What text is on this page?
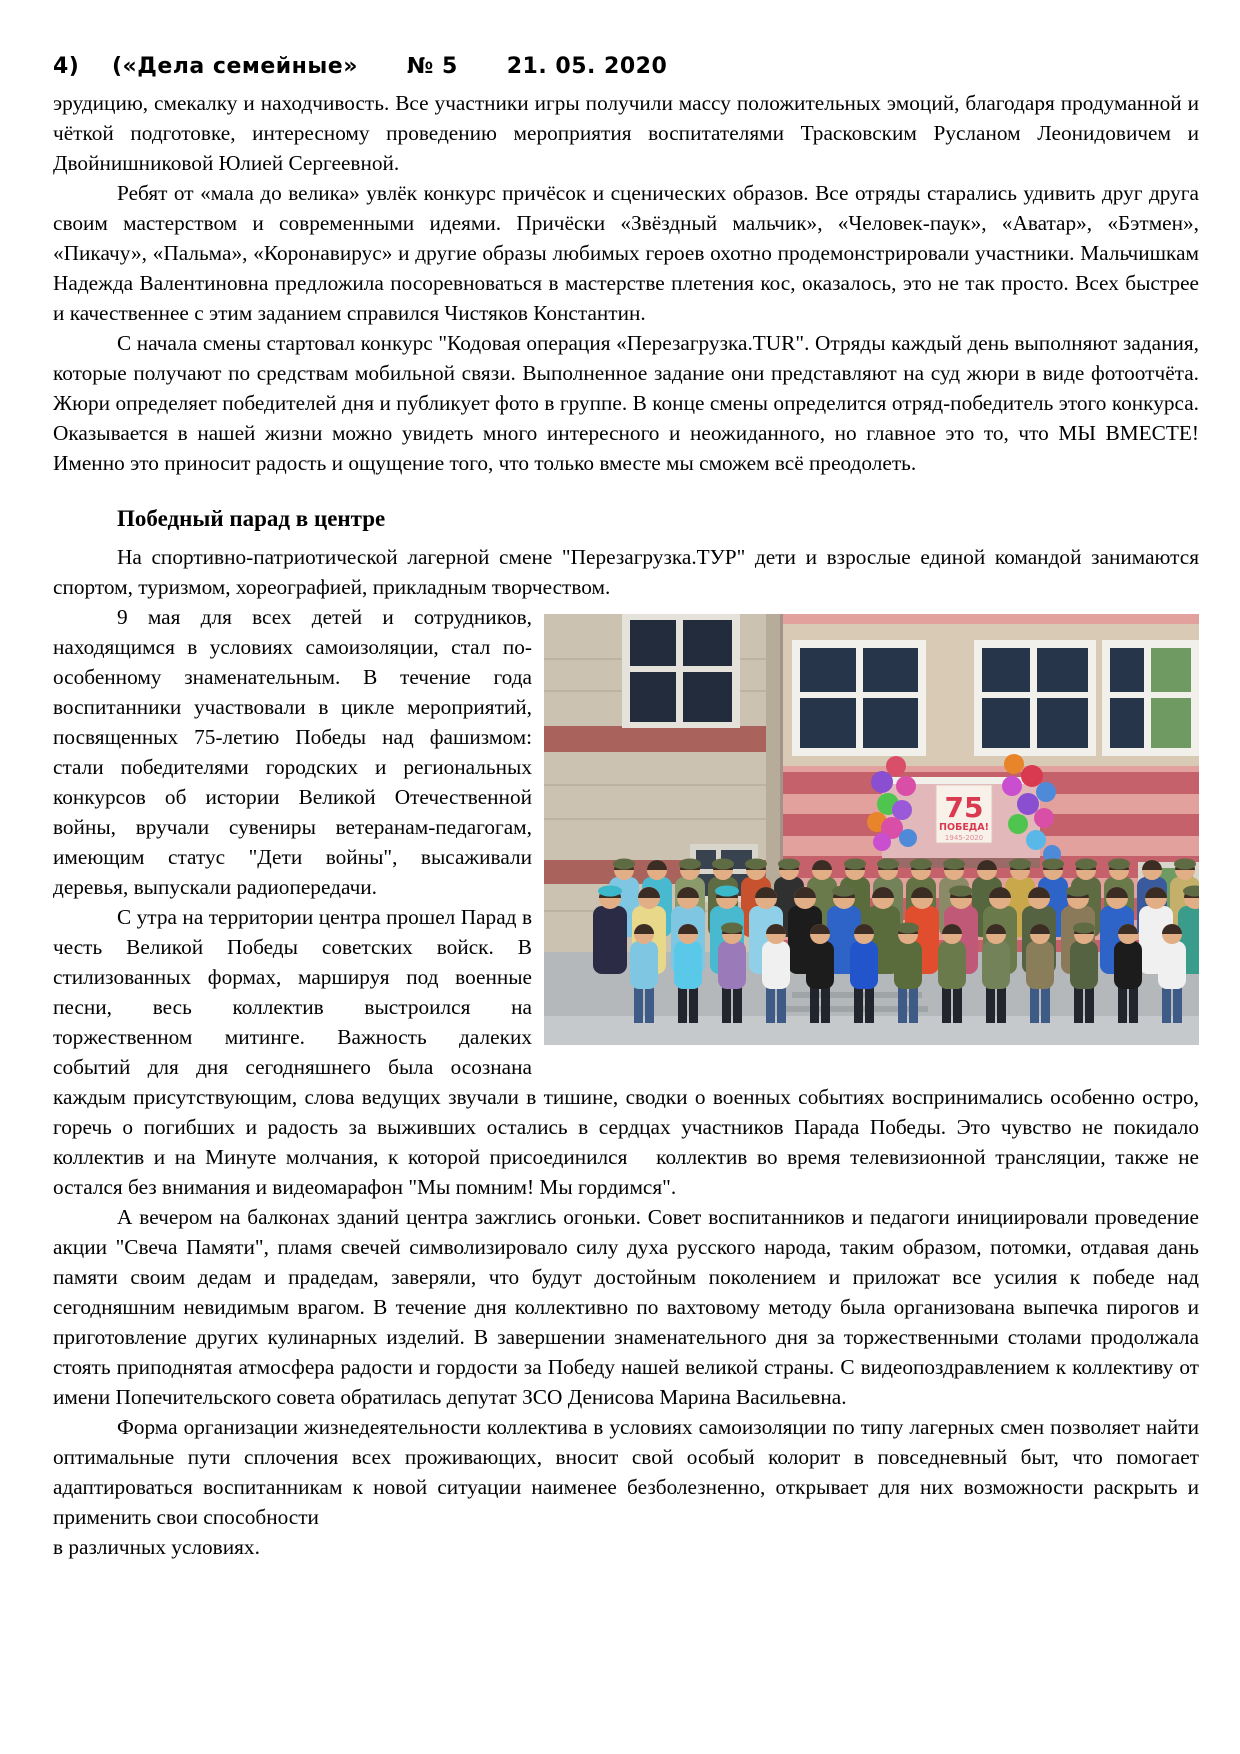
4)    («Дела семейные»      № 5      21. 05. 2020

эрудицию, смекалку и находчивость. Все участники игры получили массу положительных эмоций, благодаря продуманной и чёткой подготовке, интересному проведению мероприятия воспитателями Трасковским Русланом Леонидовичем и Двойнишниковой Юлией Сергеевной.

Ребят от «мала до велика» увлёк конкурс причёсок и сценических образов. Все отряды старались удивить друг друга своим мастерством и современными идеями. Причёски «Звёздный мальчик», «Человек-паук», «Аватар», «Бэтмен», «Пикачу», «Пальма», «Коронавирус» и другие образы любимых героев охотно продемонстрировали участники. Мальчишкам Надежда Валентиновна предложила посоревноваться в мастерстве плетения кос, оказалось, это не так просто. Всех быстрее и качественнее с этим заданием справился Чистяков Константин.

С начала смены стартовал конкурс "Кодовая операция «Перезагрузка.TUR". Отряды каждый день выполняют задания, которые получают по средствам мобильной связи. Выполненное задание они представляют на суд жюри в виде фотоотчёта. Жюри определяет победителей дня и публикует фото в группе. В конце смены определится отряд-победитель этого конкурса. Оказывается в нашей жизни можно увидеть много интересного и неожиданного, но главное это то, что МЫ ВМЕСТЕ! Именно это приносит радость и ощущение того, что только вместе мы сможем всё преодолеть.

Победный парад в центре

На спортивно-патриотической лагерной смене "Перезагрузка.ТУР" дети и взрослые единой командой занимаются спортом, туризмом, хореографией, прикладным творчеством.

75
ПОБЕДА!
1945-2020

9 мая для всех детей и сотрудников, находящимся в условиях самоизоляции, стал по-особенному знаменательным. В течение года воспитанники участвовали в цикле мероприятий, посвященных 75-летию Победы над фашизмом: стали победителями городских и региональных конкурсов об истории Великой Отечественной войны, вручали сувениры ветеранам-педагогам, имеющим статус "Дети войны", высаживали деревья, выпускали радиопередачи.

С утра на территории центра прошел Парад в честь Великой Победы советских войск. В стилизованных формах, маршируя под военные песни, весь коллектив выстроился на торжественном митинге. Важность далеких событий для дня сегодняшнего была осознана каждым присутствующим, слова ведущих звучали в тишине, сводки о военных событиях воспринимались особенно остро, горечь о погибших и радость за выживших остались в сердцах участников Парада Победы. Это чувство не покидало коллектив и на Минуте молчания, к которой присоединился   коллектив во время телевизионной трансляции, также не остался без внимания и видеомарафон "Мы помним! Мы гордимся".

А вечером на балконах зданий центра зажглись огоньки. Совет воспитанников и педагоги инициировали проведение акции "Свеча Памяти", пламя свечей символизировало силу духа русского народа, таким образом, потомки, отдавая дань памяти своим дедам и прадедам, заверяли, что будут достойным поколением и приложат все усилия к победе над сегодняшним невидимым врагом. В течение дня коллективно по вахтовому методу была организована выпечка пирогов и приготовление других кулинарных изделий. В завершении знаменательного дня за торжественными столами продолжала стоять приподнятая атмосфера радости и гордости за Победу нашей великой страны. С видеопоздравлением к коллективу от имени Попечительского совета обратилась депутат ЗСО Денисова Марина Васильевна.

Форма организации жизнедеятельности коллектива в условиях самоизоляции по типу лагерных смен позволяет найти оптимальные пути сплочения всех проживающих, вносит свой особый колорит в повседневный быт, что помогает адаптироваться воспитанникам к новой ситуации наименее безболезненно, открывает для них возможности раскрыть и применить свои способности
в различных условиях.
